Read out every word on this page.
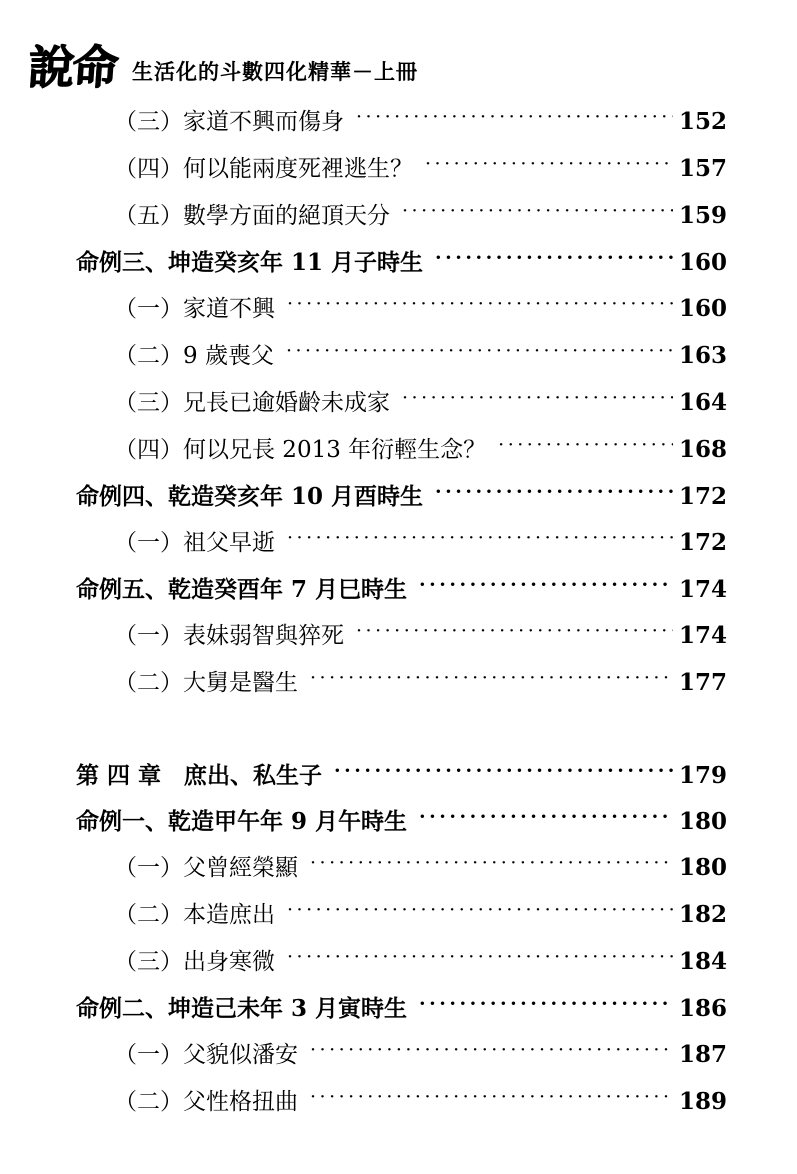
說命 生活化的斗數四化精華－上冊
（三）家道不興而傷身 ·····	152
（四）何以能兩度死裡逃生？ ·····	157
（五）數學方面的絕頂天分 ·····	159
命例三、坤造癸亥年 11 月子時生 ·····	160
（一）家道不興 ·····	160
（二）9 歲喪父 ·····	163
（三）兄長已逾婚齡未成家 ·····	164
（四）何以兄長 2013 年衍輕生念？ ·····	168
命例四、乾造癸亥年 10 月酉時生 ·····	172
（一）祖父早逝 ·····	172
命例五、乾造癸酉年 7 月巳時生 ·····	174
（一）表妹弱智與猝死 ·····	174
（二）大舅是醫生 ·····	177
第 四 章　庶出、私生子 ·····	179
命例一、乾造甲午年 9 月午時生 ·····	180
（一）父曾經榮顯 ·····	180
（二）本造庶出 ·····	182
（三）出身寒微 ·····	184
命例二、坤造己未年 3 月寅時生 ·····	186
（一）父貌似潘安 ·····	187
（二）父性格扭曲 ·····	189
